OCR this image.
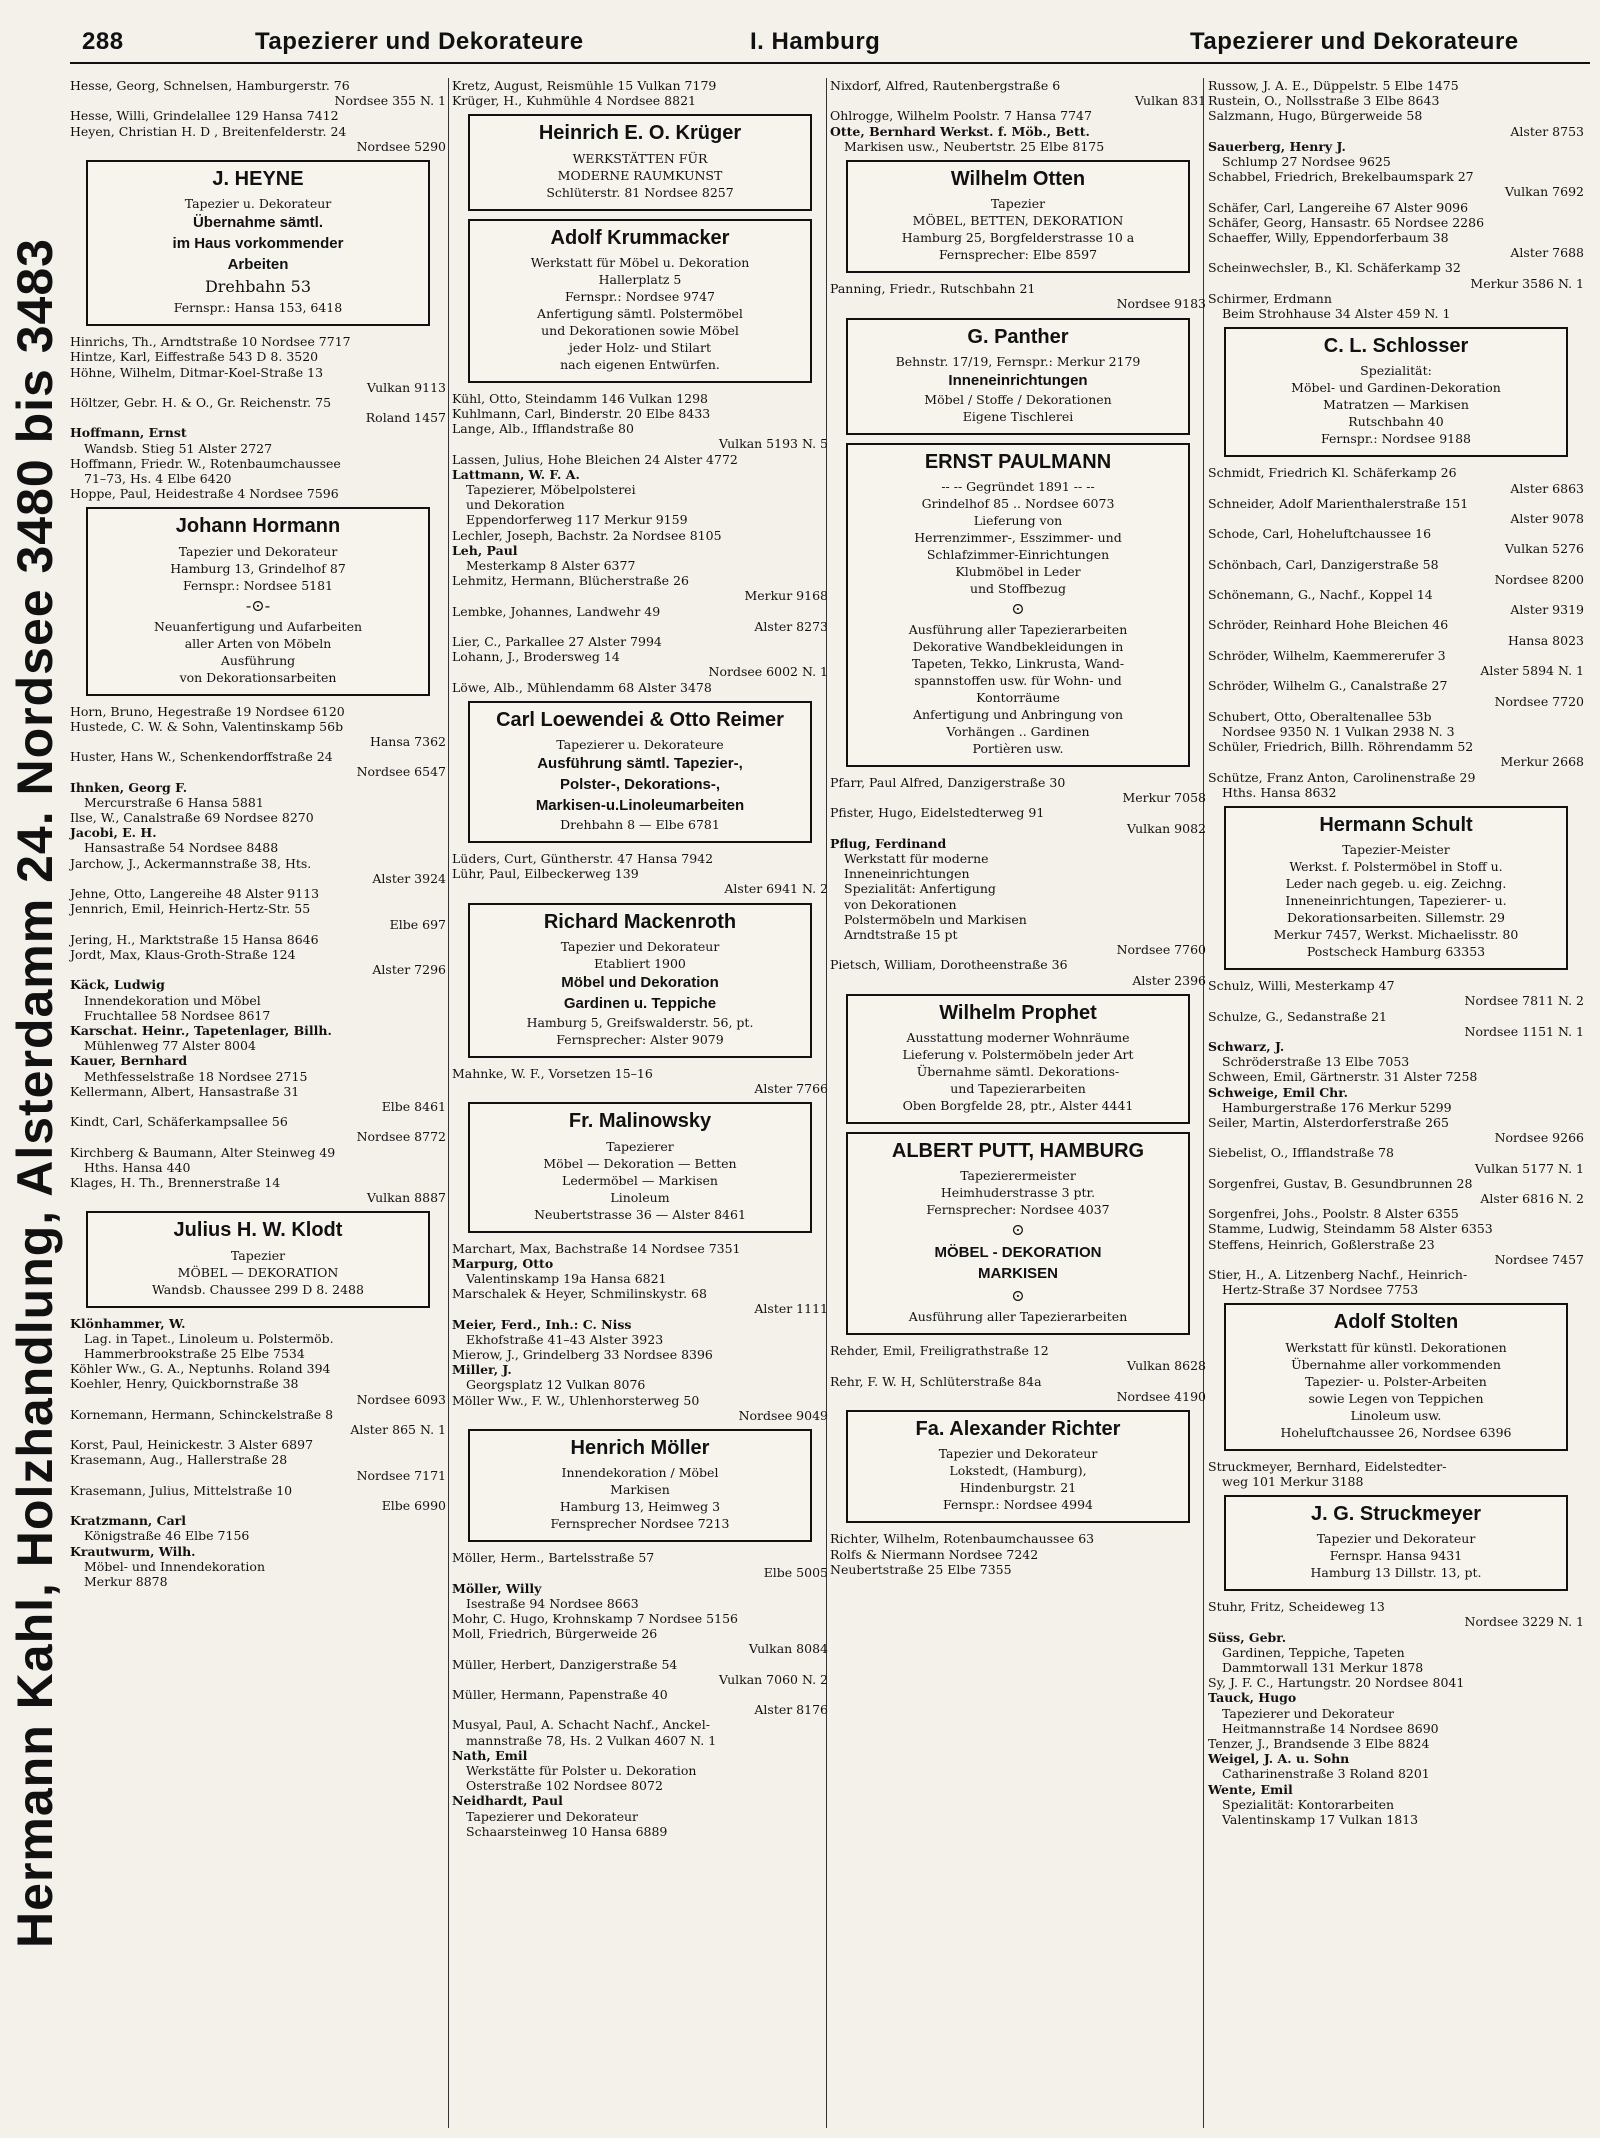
288	Tapezierer und Dekorateure	I. Hamburg	Tapezierer und Dekorateure
Hermann Kahl, Holzhandlung, Alsterdamm 24. Nordsee 3480 bis 3483
Hesse, Georg, Schnelsen, Hamburgerstr. 76
Nordsee 355 N. 1
Hesse, Willi, Grindelallee 129 Hansa 7412
Heyen, Christian H. D , Breitenfelderstr. 24
Nordsee 5290
J. HEYNE
Tapezier u. Dekorateur
Übernahme sämtl.
im Haus vorkommender
Arbeiten
Drehbahn 53
Fernspr.: Hansa 153, 6418
Hinrichs, Th., Arndtstraße 10 Nordsee 7717
Hintze, Karl, Eiffestraße 543 D 8. 3520
Höhne, Wilhelm, Ditmar-Koel-Straße 13
Vulkan 9113
Höltzer, Gebr. H. & O., Gr. Reichenstr. 75
Roland 1457
Hoffmann, Ernst
Wandsb. Stieg 51 Alster 2727
Hoffmann, Friedr. W., Rotenbaumchaussee
71–73, Hs. 4 Elbe 6420
Hoppe, Paul, Heidestraße 4 Nordsee 7596
Johann Hormann
Tapezier und Dekorateur
Hamburg 13, Grindelhof 87
Fernspr.: Nordsee 5181
-⊙-
Neuanfertigung und Aufarbeiten
aller Arten von Möbeln
Ausführung
von Dekorationsarbeiten
Horn, Bruno, Hegestraße 19 Nordsee 6120
Hustede, C. W. & Sohn, Valentinskamp 56b
Hansa 7362
Huster, Hans W., Schenkendorffstraße 24
Nordsee 6547
Ihnken, Georg F.
Mercurstraße 6 Hansa 5881
Ilse, W., Canalstraße 69 Nordsee 8270
Jacobi, E. H.
Hansastraße 54 Nordsee 8488
Jarchow, J., Ackermannstraße 38, Hts.
Alster 3924
Jehne, Otto, Langereihe 48 Alster 9113
Jennrich, Emil, Heinrich-Hertz-Str. 55
Elbe 697
Jering, H., Marktstraße 15 Hansa 8646
Jordt, Max, Klaus-Groth-Straße 124
Alster 7296
Käck, Ludwig
Innendekoration und Möbel
Fruchtallee 58 Nordsee 8617
Karschat. Heinr., Tapetenlager, Billh.
Mühlenweg 77 Alster 8004
Kauer, Bernhard
Methfesselstraße 18 Nordsee 2715
Kellermann, Albert, Hansastraße 31
Elbe 8461
Kindt, Carl, Schäferkampsallee 56
Nordsee 8772
Kirchberg & Baumann, Alter Steinweg 49
Hths. Hansa 440
Klages, H. Th., Brennerstraße 14
Vulkan 8887
Julius H. W. Klodt
Tapezier
MÖBEL — DEKORATION
Wandsb. Chaussee 299 D 8. 2488
Klönhammer, W.
Lag. in Tapet., Linoleum u. Polstermöb.
Hammerbrookstraße 25 Elbe 7534
Köhler Ww., G. A., Neptunhs. Roland 394
Koehler, Henry, Quickbornstraße 38
Nordsee 6093
Kornemann, Hermann, Schinckelstraße 8
Alster 865 N. 1
Korst, Paul, Heinickestr. 3 Alster 6897
Krasemann, Aug., Hallerstraße 28
Nordsee 7171
Krasemann, Julius, Mittelstraße 10
Elbe 6990
Kratzmann, Carl
Königstraße 46 Elbe 7156
Krautwurm, Wilh.
Möbel- und Innendekoration
Merkur 8878
Kretz, August, Reismühle 15 Vulkan 7179
Krüger, H., Kuhmühle 4 Nordsee 8821
Heinrich E. O. Krüger
WERKSTÄTTEN FÜR
MODERNE RAUMKUNST
Schlüterstr. 81 Nordsee 8257
Adolf Krummacker
Werkstatt für Möbel u. Dekoration
Hallerplatz 5
Fernspr.: Nordsee 9747
Anfertigung sämtl. Polstermöbel
und Dekorationen sowie Möbel
jeder Holz- und Stilart
nach eigenen Entwürfen.
Kühl, Otto, Steindamm 146 Vulkan 1298
Kuhlmann, Carl, Binderstr. 20 Elbe 8433
Lange, Alb., Ifflandstraße 80
Vulkan 5193 N. 5
Lassen, Julius, Hohe Bleichen 24 Alster 4772
Lattmann, W. F. A.
Tapezierer, Möbelpolsterei
und Dekoration
Eppendorferweg 117 Merkur 9159
Lechler, Joseph, Bachstr. 2a Nordsee 8105
Leh, Paul
Mesterkamp 8 Alster 6377
Lehmitz, Hermann, Blücherstraße 26
Merkur 9168
Lembke, Johannes, Landwehr 49
Alster 8273
Lier, C., Parkallee 27 Alster 7994
Lohann, J., Brodersweg 14
Nordsee 6002 N. 1
Löwe, Alb., Mühlendamm 68 Alster 3478
Carl Loewendei & Otto Reimer
Tapezierer u. Dekorateure
Ausführung sämtl. Tapezier-,
Polster-, Dekorations-,
Markisen-u.Linoleumarbeiten
Drehbahn 8 — Elbe 6781
Lüders, Curt, Güntherstr. 47 Hansa 7942
Lühr, Paul, Eilbeckerweg 139
Alster 6941 N. 2
Richard Mackenroth
Tapezier und Dekorateur
Etabliert 1900
Möbel und Dekoration
Gardinen u. Teppiche
Hamburg 5, Greifswalderstr. 56, pt.
Fernsprecher: Alster 9079
Mahnke, W. F., Vorsetzen 15–16
Alster 7766
Fr. Malinowsky
Tapezierer
Möbel — Dekoration — Betten
Ledermöbel — Markisen
Linoleum
Neubertstrasse 36 — Alster 8461
Marchart, Max, Bachstraße 14 Nordsee 7351
Marpurg, Otto
Valentinskamp 19a Hansa 6821
Marschalek & Heyer, Schmilinskystr. 68
Alster 1111
Meier, Ferd., Inh.: C. Niss
Ekhofstraße 41–43 Alster 3923
Mierow, J., Grindelberg 33 Nordsee 8396
Miller, J.
Georgsplatz 12 Vulkan 8076
Möller Ww., F. W., Uhlenhorsterweg 50
Nordsee 9049
Henrich Möller
Innendekoration / Möbel
Markisen
Hamburg 13, Heimweg 3
Fernsprecher Nordsee 7213
Möller, Herm., Bartelsstraße 57
Elbe 5005
Möller, Willy
Isestraße 94 Nordsee 8663
Mohr, C. Hugo, Krohnskamp 7 Nordsee 5156
Moll, Friedrich, Bürgerweide 26
Vulkan 8084
Müller, Herbert, Danzigerstraße 54
Vulkan 7060 N. 2
Müller, Hermann, Papenstraße 40
Alster 8176
Musyal, Paul, A. Schacht Nachf., Anckel-
mannstraße 78, Hs. 2 Vulkan 4607 N. 1
Nath, Emil
Werkstätte für Polster u. Dekoration
Osterstraße 102 Nordsee 8072
Neidhardt, Paul
Tapezierer und Dekorateur
Schaarsteinweg 10 Hansa 6889
Nixdorf, Alfred, Rautenbergstraße 6
Vulkan 831
Ohlrogge, Wilhelm Poolstr. 7 Hansa 7747
Otte, Bernhard Werkst. f. Möb., Bett.
Markisen usw., Neubertstr. 25 Elbe 8175
Wilhelm Otten
Tapezier
MÖBEL, BETTEN, DEKORATION
Hamburg 25, Borgfelderstrasse 10 a
Fernsprecher: Elbe 8597
Panning, Friedr., Rutschbahn 21
Nordsee 9183
G. Panther
Behnstr. 17/19, Fernspr.: Merkur 2179
Inneneinrichtungen
Möbel / Stoffe / Dekorationen
Eigene Tischlerei
ERNST PAULMANN
-- -- Gegründet 1891 -- --
Grindelhof 85 .. Nordsee 6073
Lieferung von
Herrenzimmer-, Esszimmer- und
Schlafzimmer-Einrichtungen
Klubmöbel in Leder
und Stoffbezug
⊙
Ausführung aller Tapezierarbeiten
Dekorative Wandbekleidungen in
Tapeten, Tekko, Linkrusta, Wand-
spannstoffen usw. für Wohn- und
Kontorräume
Anfertigung und Anbringung von
Vorhängen .. Gardinen
Portièren usw.
Pfarr, Paul Alfred, Danzigerstraße 30
Merkur 7058
Pfister, Hugo, Eidelstedterweg 91
Vulkan 9082
Pflug, Ferdinand
Werkstatt für moderne
Inneneinrichtungen
Spezialität: Anfertigung
von Dekorationen
Polstermöbeln und Markisen
Arndtstraße 15 pt
Nordsee 7760
Pietsch, William, Dorotheenstraße 36
Alster 2396
Wilhelm Prophet
Ausstattung moderner Wohnräume
Lieferung v. Polstermöbeln jeder Art
Übernahme sämtl. Dekorations-
und Tapezierarbeiten
Oben Borgfelde 28, ptr., Alster 4441
ALBERT PUTT, HAMBURG
Tapezierermeister
Heimhuderstrasse 3 ptr.
Fernsprecher: Nordsee 4037
⊙
MÖBEL - DEKORATION
MARKISEN
⊙
Ausführung aller Tapezierarbeiten
Rehder, Emil, Freiligrathstraße 12
Vulkan 8628
Rehr, F. W. H, Schlüterstraße 84a
Nordsee 4190
Fa. Alexander Richter
Tapezier und Dekorateur
Lokstedt, (Hamburg),
Hindenburgstr. 21
Fernspr.: Nordsee 4994
Richter, Wilhelm, Rotenbaumchaussee 63
Rolfs & Niermann Nordsee 7242
Neubertstraße 25 Elbe 7355
Russow, J. A. E., Düppelstr. 5 Elbe 1475
Rustein, O., Nollsstraße 3 Elbe 8643
Salzmann, Hugo, Bürgerweide 58
Alster 8753
Sauerberg, Henry J.
Schlump 27 Nordsee 9625
Schabbel, Friedrich, Brekelbaumspark 27
Vulkan 7692
Schäfer, Carl, Langereihe 67 Alster 9096
Schäfer, Georg, Hansastr. 65 Nordsee 2286
Schaeffer, Willy, Eppendorferbaum 38
Alster 7688
Scheinwechsler, B., Kl. Schäferkamp 32
Merkur 3586 N. 1
Schirmer, Erdmann
Beim Strohhause 34 Alster 459 N. 1
C. L. Schlosser
Spezialität:
Möbel- und Gardinen-Dekoration
Matratzen — Markisen
Rutschbahn 40
Fernspr.: Nordsee 9188
Schmidt, Friedrich Kl. Schäferkamp 26
Alster 6863
Schneider, Adolf Marienthalerstraße 151
Alster 9078
Schode, Carl, Hoheluftchaussee 16
Vulkan 5276
Schönbach, Carl, Danzigerstraße 58
Nordsee 8200
Schönemann, G., Nachf., Koppel 14
Alster 9319
Schröder, Reinhard Hohe Bleichen 46
Hansa 8023
Schröder, Wilhelm, Kaemmererufer 3
Alster 5894 N. 1
Schröder, Wilhelm G., Canalstraße 27
Nordsee 7720
Schubert, Otto, Oberaltenallee 53b
Nordsee 9350 N. 1 Vulkan 2938 N. 3
Schüler, Friedrich, Billh. Röhrendamm 52
Merkur 2668
Schütze, Franz Anton, Carolinenstraße 29
Hths. Hansa 8632
Hermann Schult
Tapezier-Meister
Werkst. f. Polstermöbel in Stoff u.
Leder nach gegeb. u. eig. Zeichng.
Inneneinrichtungen, Tapezierer- u.
Dekorationsarbeiten. Sillemstr. 29
Merkur 7457, Werkst. Michaelisstr. 80
Postscheck Hamburg 63353
Schulz, Willi, Mesterkamp 47
Nordsee 7811 N. 2
Schulze, G., Sedanstraße 21
Nordsee 1151 N. 1
Schwarz, J.
Schröderstraße 13 Elbe 7053
Schween, Emil, Gärtnerstr. 31 Alster 7258
Schweige, Emil Chr.
Hamburgerstraße 176 Merkur 5299
Seiler, Martin, Alsterdorferstraße 265
Nordsee 9266
Siebelist, O., Ifflandstraße 78
Vulkan 5177 N. 1
Sorgenfrei, Gustav, B. Gesundbrunnen 28
Alster 6816 N. 2
Sorgenfrei, Johs., Poolstr. 8 Alster 6355
Stamme, Ludwig, Steindamm 58 Alster 6353
Steffens, Heinrich, Goßlerstraße 23
Nordsee 7457
Stier, H., A. Litzenberg Nachf., Heinrich-
Hertz-Straße 37 Nordsee 7753
Adolf Stolten
Werkstatt für künstl. Dekorationen
Übernahme aller vorkommenden
Tapezier- u. Polster-Arbeiten
sowie Legen von Teppichen
Linoleum usw.
Hoheluftchaussee 26, Nordsee 6396
Struckmeyer, Bernhard, Eidelstedter-
weg 101 Merkur 3188
J. G. Struckmeyer
Tapezier und Dekorateur
Fernspr. Hansa 9431
Hamburg 13 Dillstr. 13, pt.
Stuhr, Fritz, Scheideweg 13
Nordsee 3229 N. 1
Süss, Gebr.
Gardinen, Teppiche, Tapeten
Dammtorwall 131 Merkur 1878
Sy, J. F. C., Hartungstr. 20 Nordsee 8041
Tauck, Hugo
Tapezierer und Dekorateur
Heitmannstraße 14 Nordsee 8690
Tenzer, J., Brandsende 3 Elbe 8824
Weigel, J. A. u. Sohn
Catharinenstraße 3 Roland 8201
Wente, Emil
Spezialität: Kontorarbeiten
Valentinskamp 17 Vulkan 1813
